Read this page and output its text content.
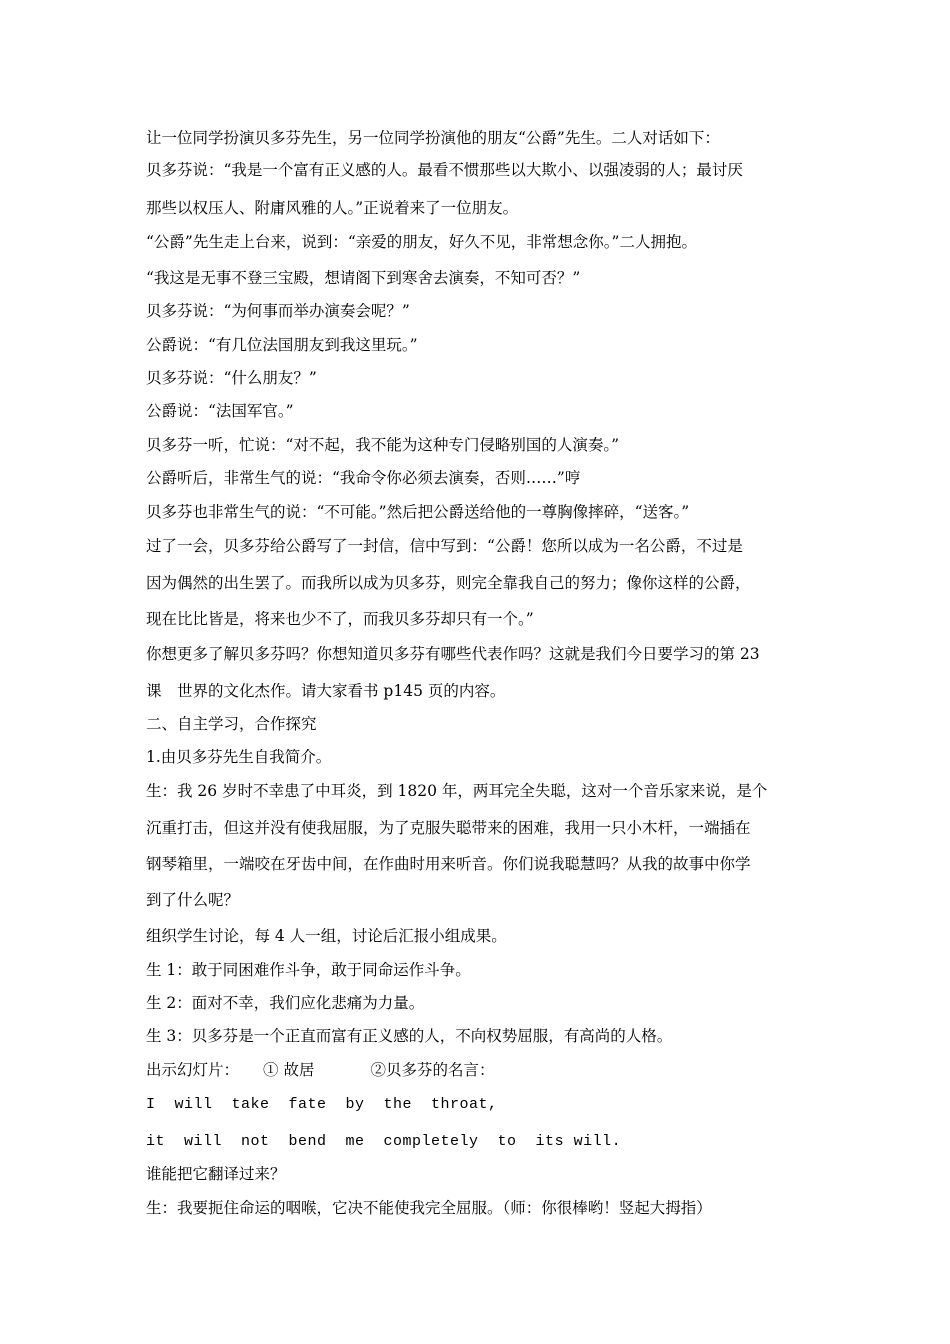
让一位同学扮演贝多芬先生，另一位同学扮演他的朋友“公爵”先生。二人对话如下：
贝多芬说：“我是一个富有正义感的人。最看不惯那些以大欺小、以强凌弱的人；最讨厌
那些以权压人、附庸风雅的人。”正说着来了一位朋友。
“公爵”先生走上台来，说到：“亲爱的朋友，好久不见，非常想念你。”二人拥抱。
“我这是无事不登三宝殿，想请阁下到寒舍去演奏，不知可否？”
贝多芬说：“为何事而举办演奏会呢？”
公爵说：“有几位法国朋友到我这里玩。”
贝多芬说：“什么朋友？”
公爵说：“法国军官。”
贝多芬一听，忙说：“对不起，我不能为这种专门侵略别国的人演奏。”
公爵听后，非常生气的说：“我命令你必须去演奏，否则……”哼
贝多芬也非常生气的说：“不可能。”然后把公爵送给他的一尊胸像摔碎，“送客。”
过了一会，贝多芬给公爵写了一封信，信中写到：“公爵！您所以成为一名公爵，不过是
因为偶然的出生罢了。而我所以成为贝多芬，则完全靠我自己的努力；像你这样的公爵，
现在比比皆是，将来也少不了，而我贝多芬却只有一个。”
你想更多了解贝多芬吗？你想知道贝多芬有哪些代表作吗？这就是我们今日要学习的第 23
课　世界的文化杰作。请大家看书 p145 页的内容。
二、自主学习，合作探究
1.由贝多芬先生自我简介。
生：我 26 岁时不幸患了中耳炎，到 1820 年，两耳完全失聪，这对一个音乐家来说，是个
沉重打击，但这并没有使我屈服，为了克服失聪带来的困难，我用一只小木杆，一端插在
钢琴箱里，一端咬在牙齿中间，在作曲时用来听音。你们说我聪慧吗？从我的故事中你学
到了什么呢？
组织学生讨论，每 4 人一组，讨论后汇报小组成果。
生 1：敢于同困难作斗争，敢于同命运作斗争。
生 2：面对不幸，我们应化悲痛为力量。
生 3：贝多芬是一个正直而富有正义感的人，不向权势屈服，有高尚的人格。
出示幻灯片： ① 故居	②贝多芬的名言：
I  will  take  fate  by  the  throat,
it  will  not  bend  me  completely  to  its will.
谁能把它翻译过来？
生：我要扼住命运的咽喉，它决不能使我完全屈服。（师：你很棒哟！竖起大拇指）
